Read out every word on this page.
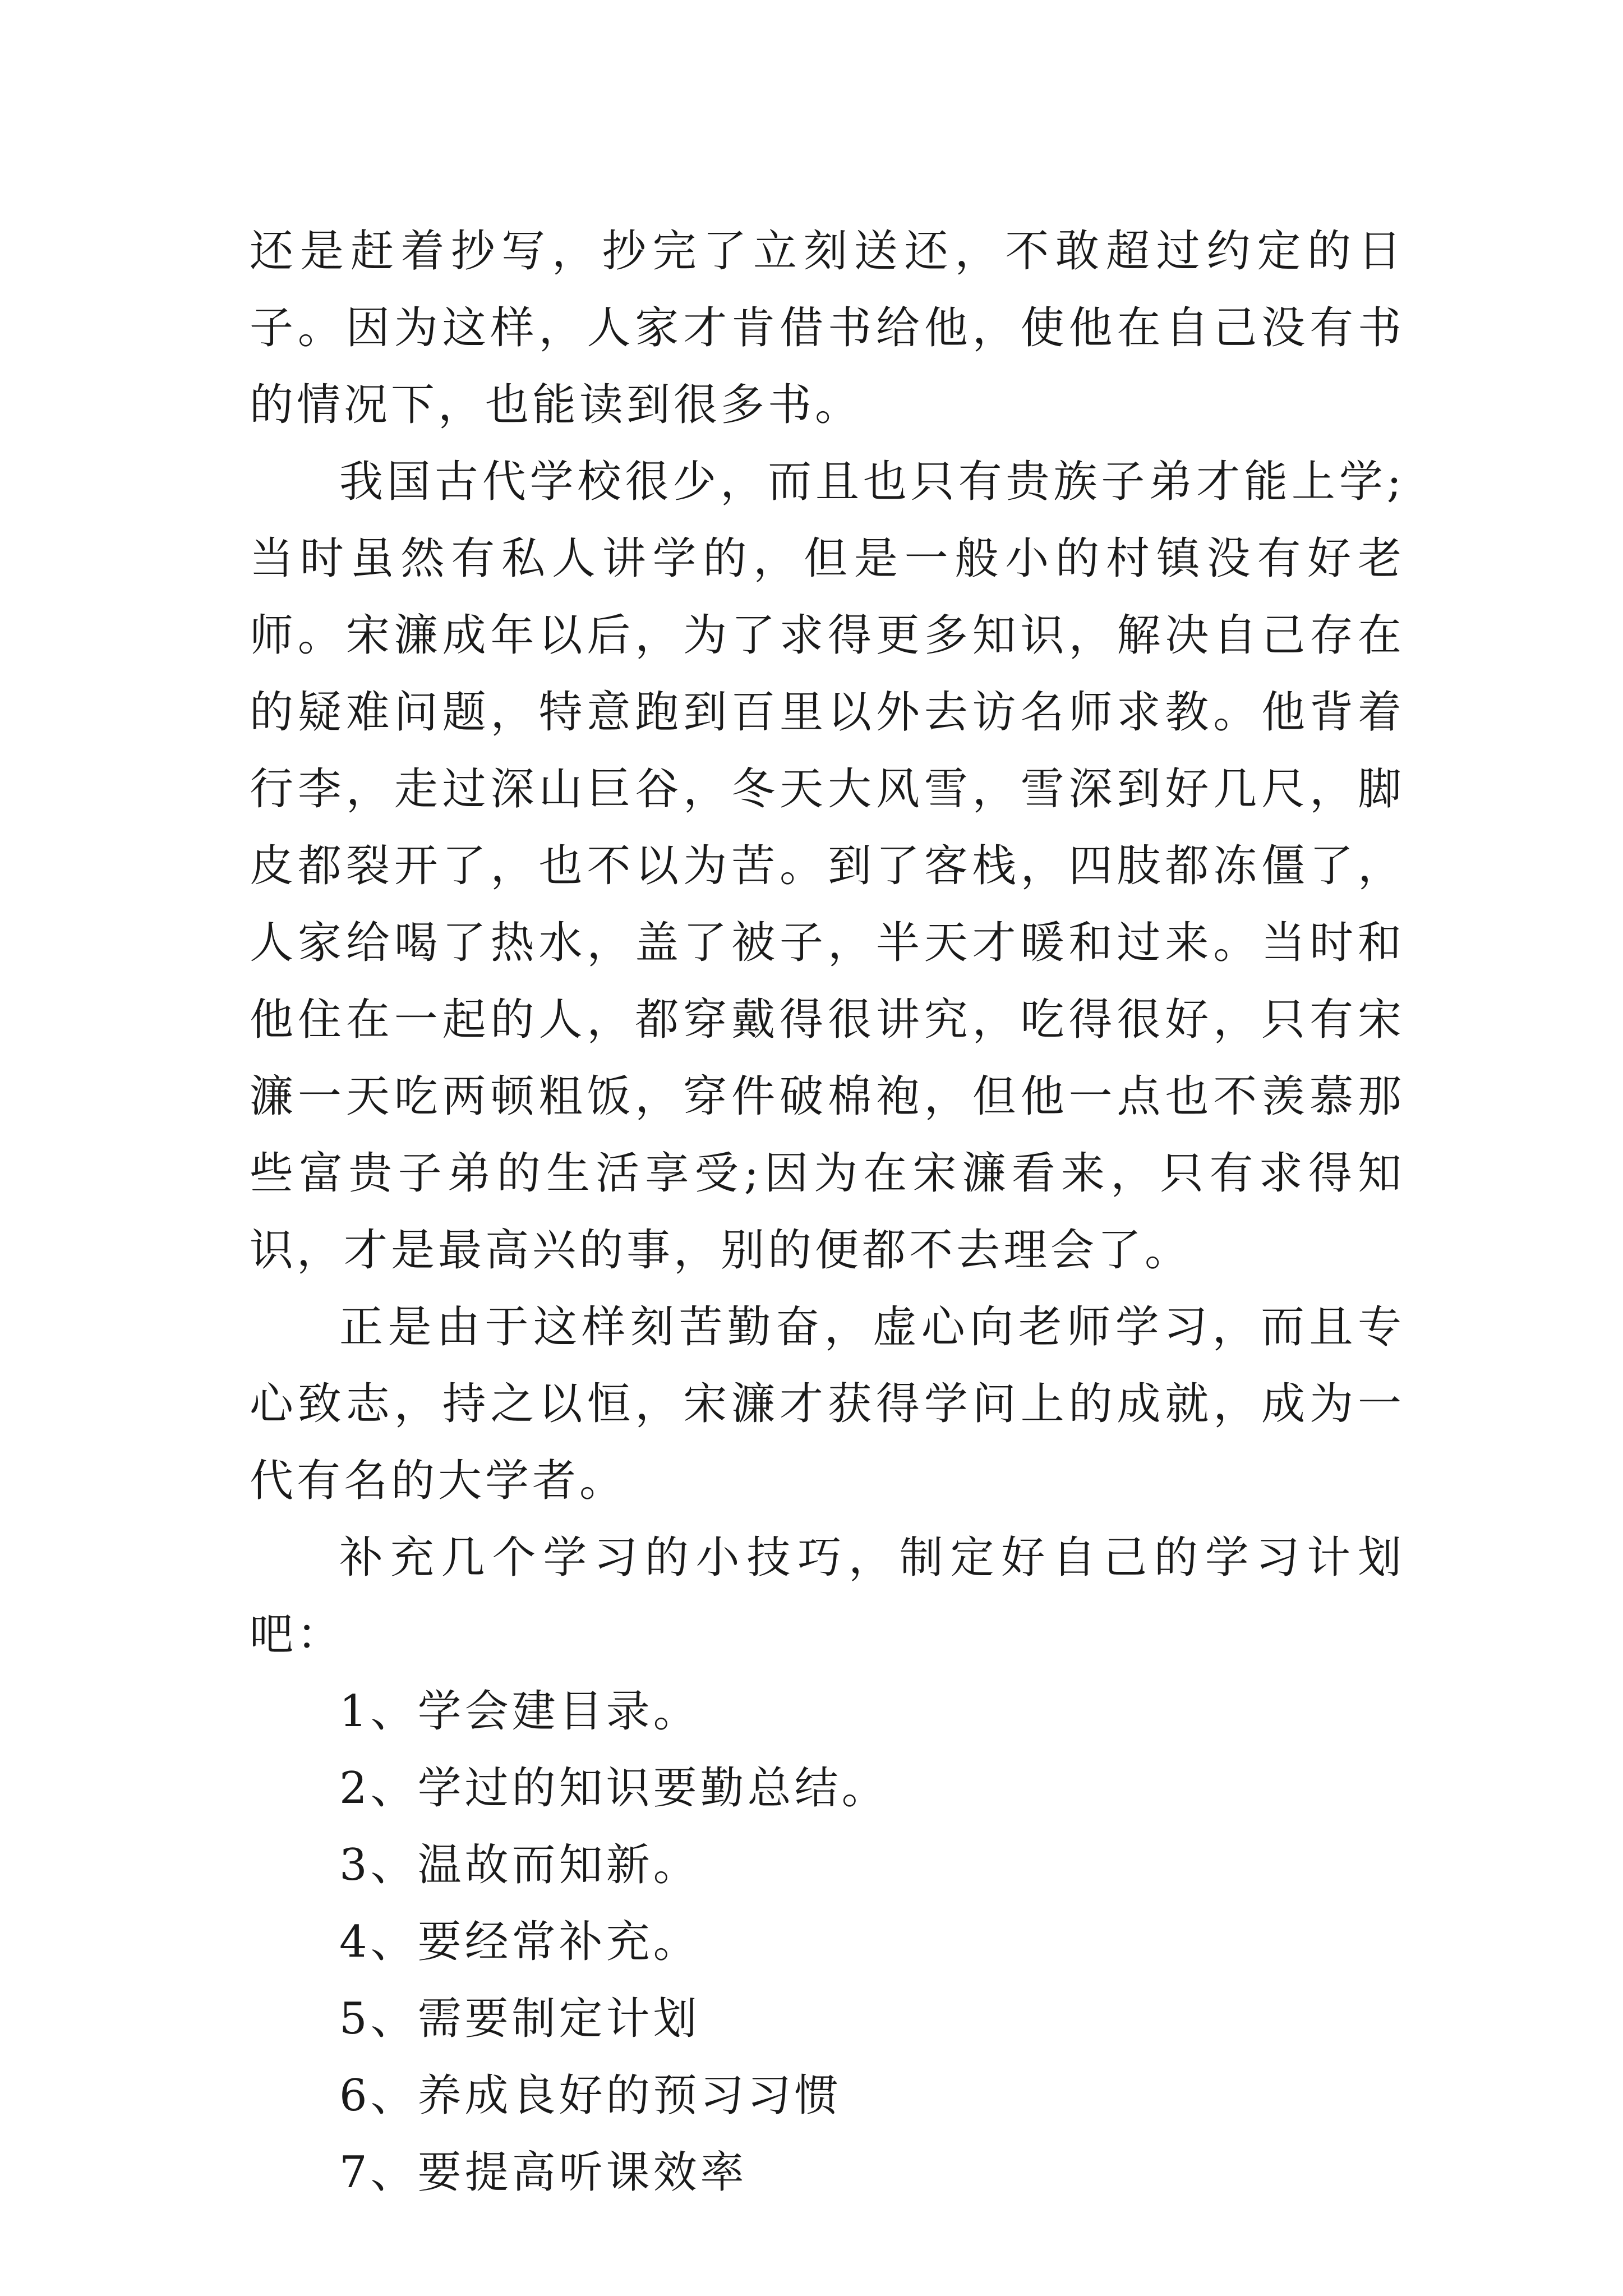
还是赶着抄写，抄完了立刻送还，不敢超过约定的日子。因为这样，人家才肯借书给他，使他在自己没有书的情况下，也能读到很多书。

我国古代学校很少，而且也只有贵族子弟才能上学;当时虽然有私人讲学的，但是一般小的村镇没有好老师。宋濂成年以后，为了求得更多知识，解决自己存在的疑难问题，特意跑到百里以外去访名师求教。他背着行李，走过深山巨谷，冬天大风雪，雪深到好几尺，脚皮都裂开了，也不以为苦。到了客栈，四肢都冻僵了，人家给喝了热水，盖了被子，半天才暖和过来。当时和他住在一起的人，都穿戴得很讲究，吃得很好，只有宋濂一天吃两顿粗饭，穿件破棉袍，但他一点也不羡慕那些富贵子弟的生活享受;因为在宋濂看来，只有求得知识，才是最高兴的事，别的便都不去理会了。

正是由于这样刻苦勤奋，虚心向老师学习，而且专心致志，持之以恒，宋濂才获得学问上的成就，成为一代有名的大学者。

补充几个学习的小技巧，制定好自己的学习计划吧：

1、学会建目录。

2、学过的知识要勤总结。

3、温故而知新。

4、要经常补充。

5、需要制定计划

6、养成良好的预习习惯

7、要提高听课效率
